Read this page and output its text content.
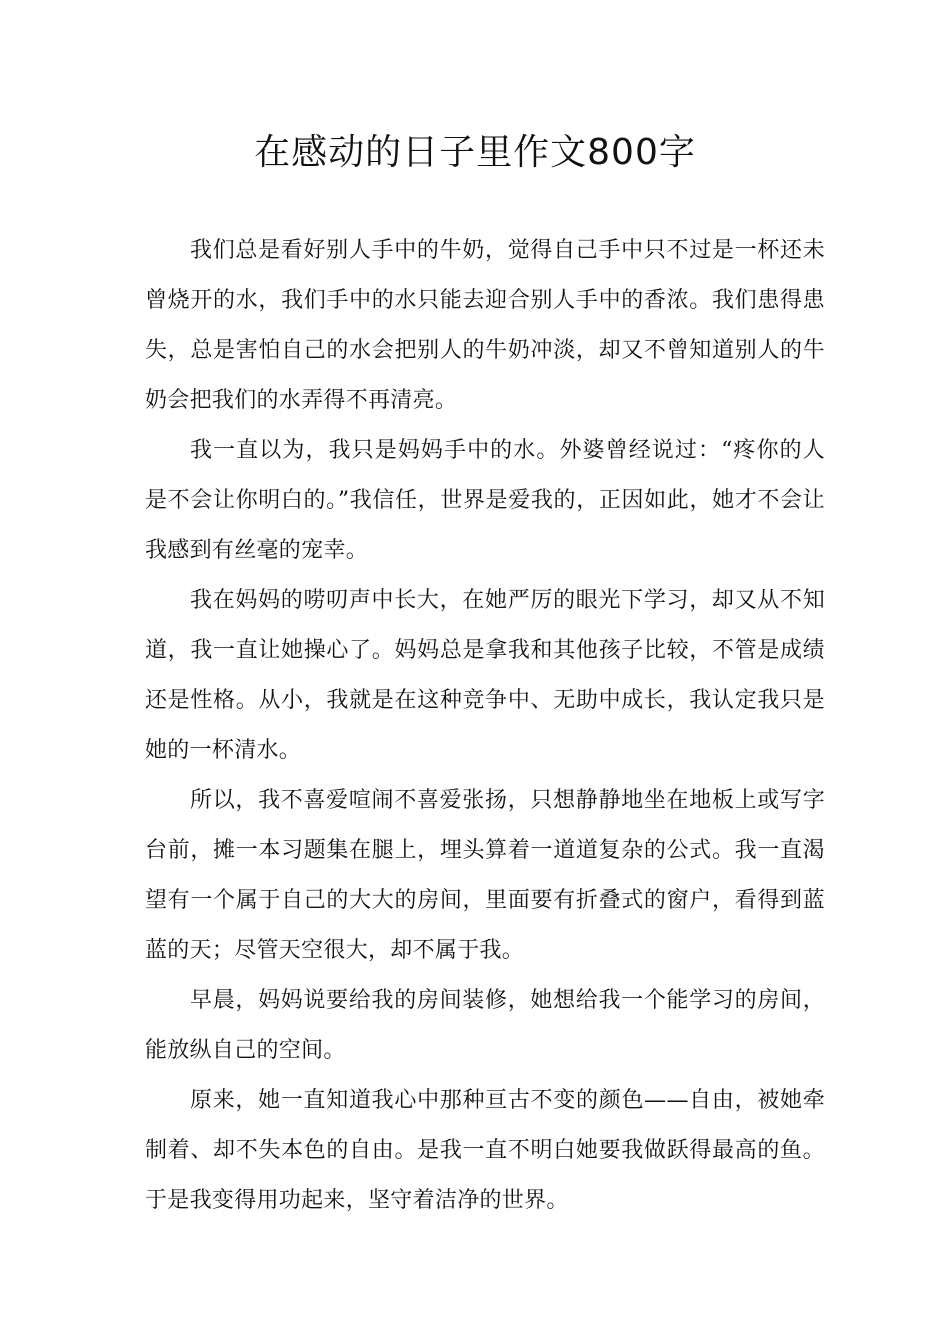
在感动的日子里作文800字

我们总是看好别人手中的牛奶，觉得自己手中只不过是一杯还未曾烧开的水，我们手中的水只能去迎合别人手中的香浓。我们患得患失，总是害怕自己的水会把别人的牛奶冲淡，却又不曾知道别人的牛奶会把我们的水弄得不再清亮。

我一直以为，我只是妈妈手中的水。外婆曾经说过：“疼你的人是不会让你明白的。”我信任，世界是爱我的，正因如此，她才不会让我感到有丝毫的宠幸。

我在妈妈的唠叨声中长大，在她严厉的眼光下学习，却又从不知道，我一直让她操心了。妈妈总是拿我和其他孩子比较，不管是成绩还是性格。从小，我就是在这种竞争中、无助中成长，我认定我只是她的一杯清水。

所以，我不喜爱喧闹不喜爱张扬，只想静静地坐在地板上或写字台前，摊一本习题集在腿上，埋头算着一道道复杂的公式。我一直渴望有一个属于自己的大大的房间，里面要有折叠式的窗户，看得到蓝蓝的天；尽管天空很大，却不属于我。

早晨，妈妈说要给我的房间装修，她想给我一个能学习的房间，能放纵自己的空间。

原来，她一直知道我心中那种亘古不变的颜色——自由，被她牵制着、却不失本色的自由。是我一直不明白她要我做跃得最高的鱼。于是我变得用功起来，坚守着洁净的世界。
